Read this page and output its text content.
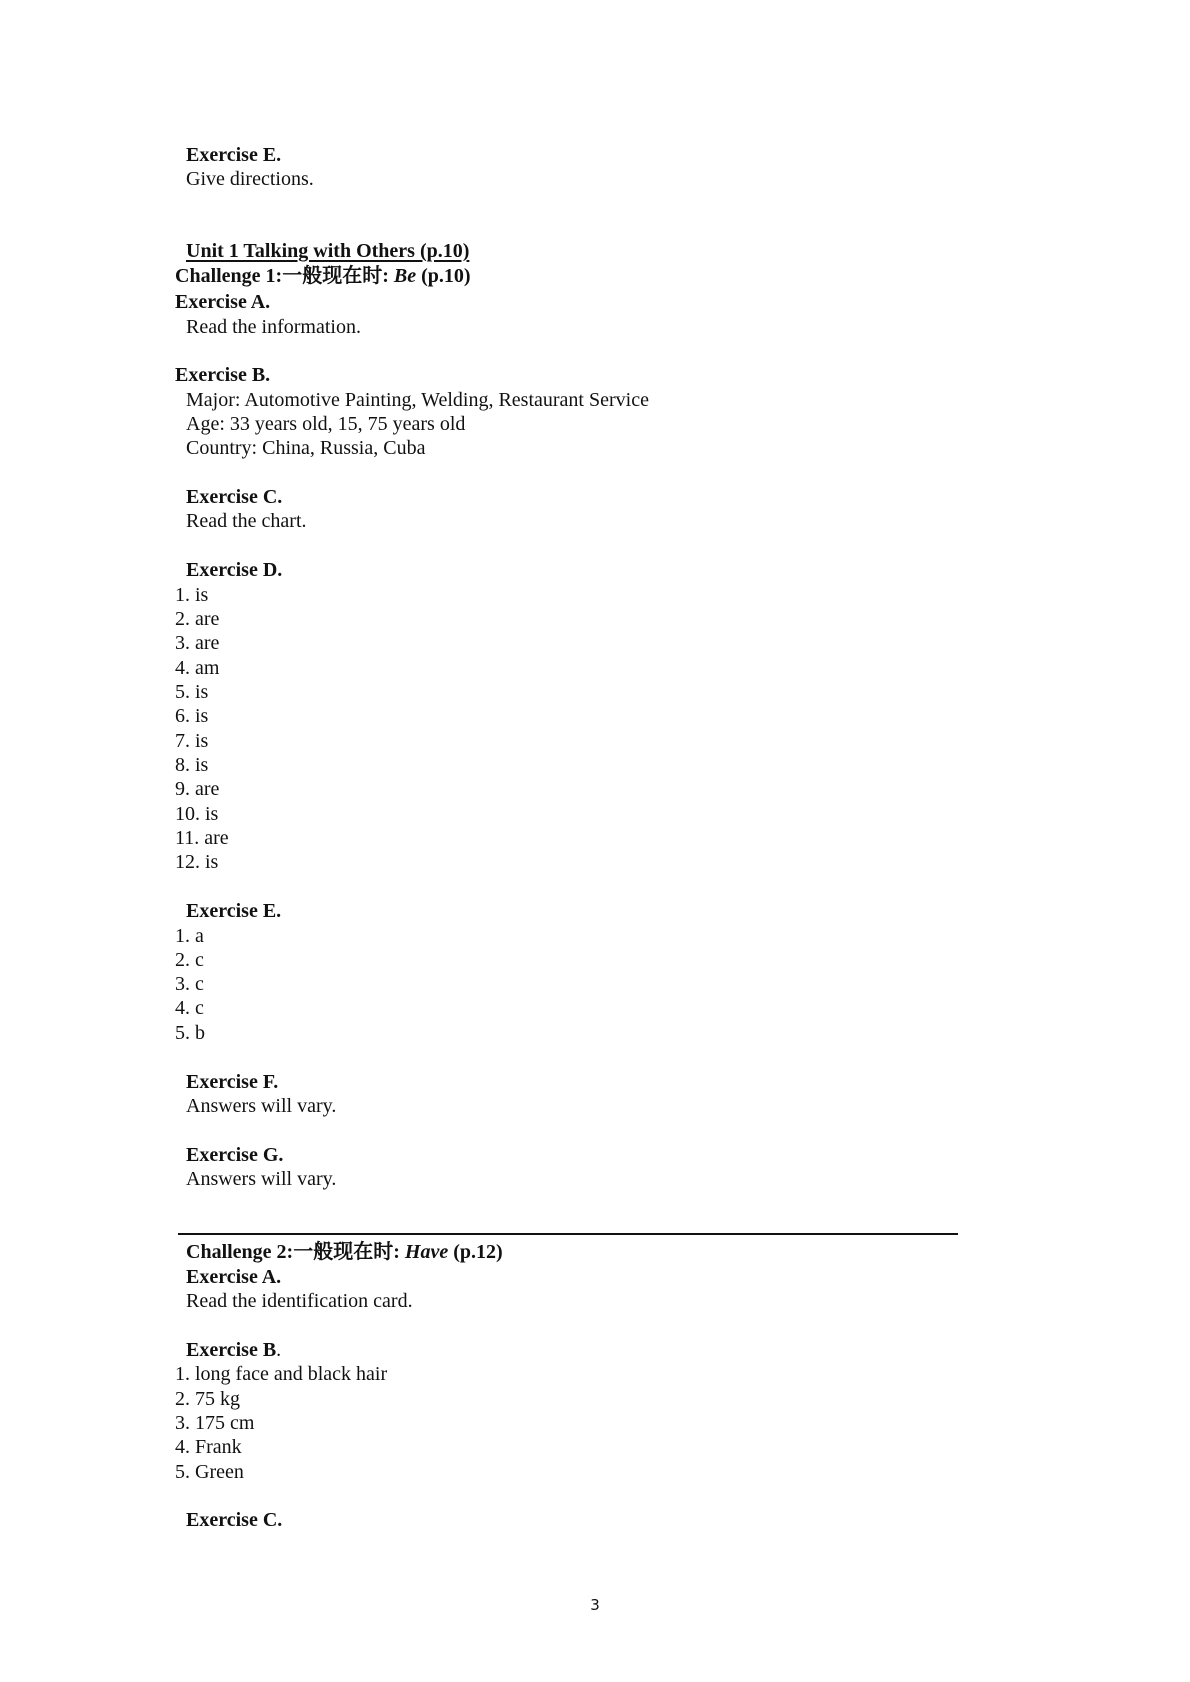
Exercise E.
Give directions.
Unit 1 Talking with Others (p.10)
Challenge 1:一般现在时: Be (p.10)
Exercise A.
Read the information.
Exercise B.
Major: Automotive Painting, Welding, Restaurant Service
Age: 33 years old, 15, 75 years old
Country: China, Russia, Cuba
Exercise C.
Read the chart.
Exercise D.
1. is
2. are
3. are
4. am
5. is
6. is
7. is
8. is
9. are
10. is
11. are
12. is
Exercise E.
1. a
2. c
3. c
4. c
5. b
Exercise F.
Answers will vary.
Exercise G.
Answers will vary.
Challenge 2:一般现在时: Have (p.12)
Exercise A.
Read the identification card.
Exercise B.
1. long face and black hair
2. 75 kg
3. 175 cm
4. Frank
5. Green
Exercise C.
3
